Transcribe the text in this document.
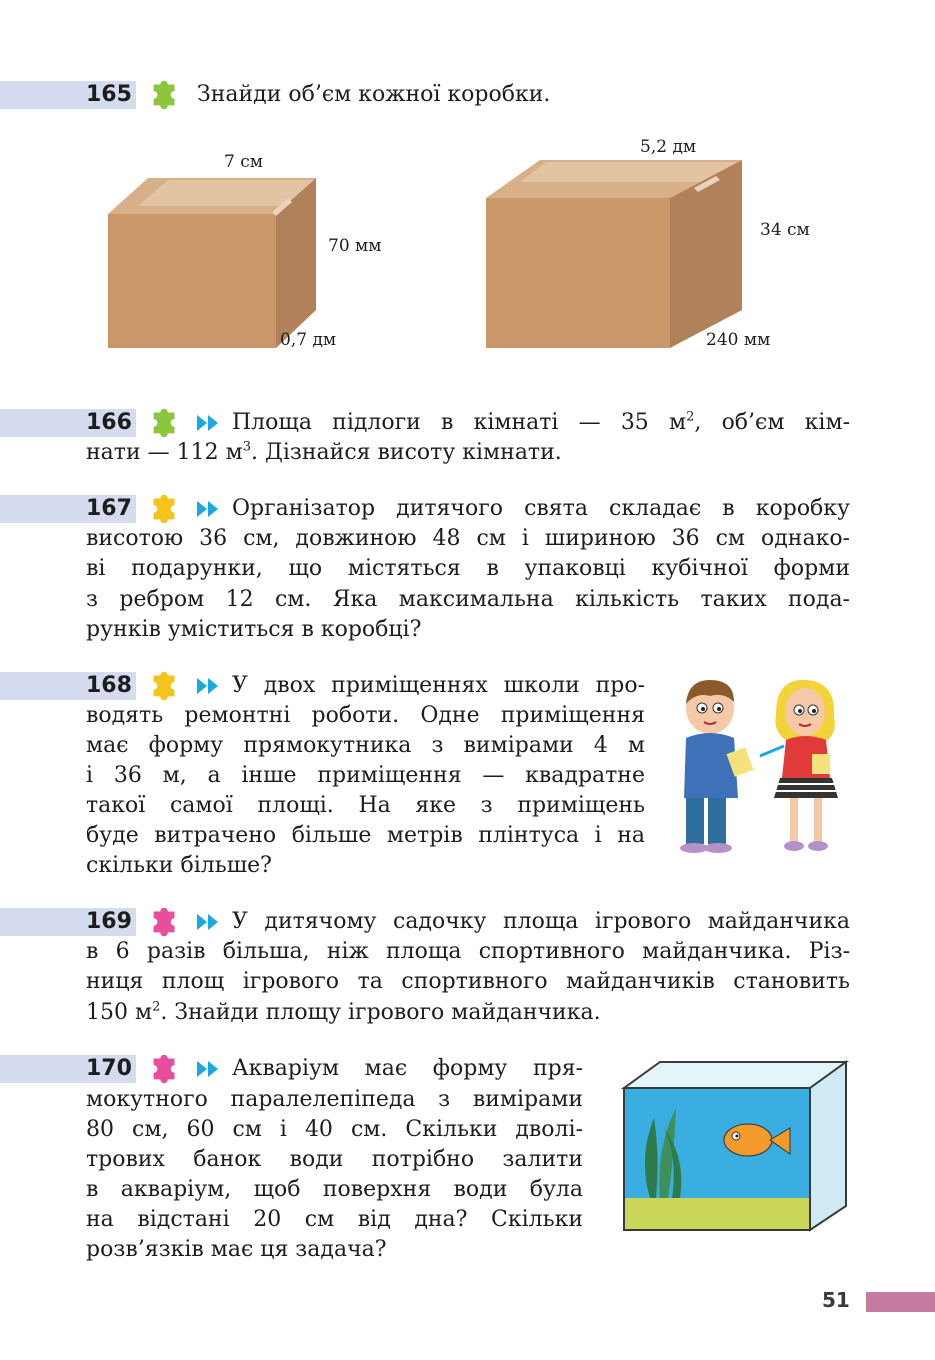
165	Знайди об’єм кожної коробки.
7 см
70 мм
0,7 дм
5,2 дм
34 см
240 мм
166	Площа підлоги в кімнаті — 35 $м^2$, об’єм кім-
нати — 112 $м^3$. Дізнайся висоту кімнати.
167	Організатор дитячого свята складає в коробку
висотою 36 см, довжиною 48 см і шириною 36 см однако-
ві подарунки, що містяться в упаковці кубічної форми
з ребром 12 см. Яка максимальна кількість таких пода-
рунків уміститься в коробці?
168	У двох приміщеннях школи про-
водять ремонтні роботи. Одне приміщення
має форму прямокутника з вимірами 4 м
і 36 м, а інше приміщення — квадратне
такої самої площі. На яке з приміщень
буде витрачено більше метрів плінтуса і на
скільки більше?
169	У дитячому садочку площа ігрового майданчика
в 6 разів більша, ніж площа спортивного майданчика. Різ-
ниця площ ігрового та спортивного майданчиків становить
150 $м^2$. Знайди площу ігрового майданчика.
170	Акваріум має форму пря-
мокутного паралелепіпеда з вимірами
80 см, 60 см і 40 см. Скільки дволі-
трових банок води потрібно залити
в акваріум, щоб поверхня води була
на відстані 20 см від дна? Скільки
розв’язків має ця задача?
51
